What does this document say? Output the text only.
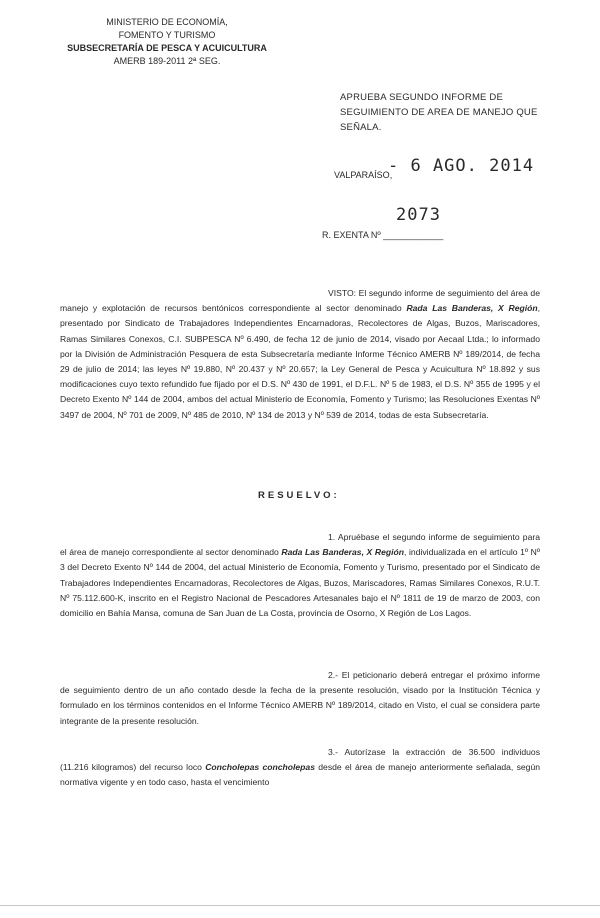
MINISTERIO DE ECONOMÍA,
FOMENTO Y TURISMO
SUBSECRETARÍA DE PESCA Y ACUICULTURA
AMERB 189-2011 2ª SEG.
APRUEBA SEGUNDO INFORME DE SEGUIMIENTO DE AREA DE MANEJO QUE SEÑALA.
- 6 AGO. 2014
VALPARAÍSO,
2073
R. EXENTA Nº ____________
VISTO: El segundo informe de seguimiento del área de manejo y explotación de recursos bentónicos correspondiente al sector denominado Rada Las Banderas, X Región, presentado por Sindicato de Trabajadores Independientes Encarnadoras, Recolectores de Algas, Buzos, Mariscadores, Ramas Similares Conexos, C.I. SUBPESCA Nº 6.490, de fecha 12 de junio de 2014, visado por Aecaal Ltda.; lo informado por la División de Administración Pesquera de esta Subsecretaría mediante Informe Técnico AMERB Nº 189/2014, de fecha 29 de julio de 2014; las leyes Nº 19.880, Nº 20.437 y Nº 20.657; la Ley General de Pesca y Acuicultura Nº 18.892 y sus modificaciones cuyo texto refundido fue fijado por el D.S. Nº 430 de 1991, el D.F.L. Nº 5 de 1983, el D.S. Nº 355 de 1995 y el Decreto Exento Nº 144 de 2004, ambos del actual Ministerio de Economía, Fomento y Turismo; las Resoluciones Exentas Nº 3497 de 2004, Nº 701 de 2009, Nº 485 de 2010, Nº 134 de 2013 y Nº 539 de 2014, todas de esta Subsecretaría.
RESUELVO:
1. Apruébase el segundo informe de seguimiento para el área de manejo correspondiente al sector denominado Rada Las Banderas, X Región, individualizada en el artículo 1º Nº 3 del Decreto Exento Nº 144 de 2004, del actual Ministerio de Economía, Fomento y Turismo, presentado por el Sindicato de Trabajadores Independientes Encarnadoras, Recolectores de Algas, Buzos, Mariscadores, Ramas Similares Conexos, R.U.T. Nº 75.112.600-K, inscrito en el Registro Nacional de Pescadores Artesanales bajo el Nº 1811 de 19 de marzo de 2003, con domicilio en Bahía Mansa, comuna de San Juan de La Costa, provincia de Osorno, X Región de Los Lagos.
2.- El peticionario deberá entregar el próximo informe de seguimiento dentro de un año contado desde la fecha de la presente resolución, visado por la Institución Técnica y formulado en los términos contenidos en el Informe Técnico AMERB Nº 189/2014, citado en Visto, el cual se considera parte integrante de la presente resolución.
3.- Autorízase la extracción de 36.500 individuos (11.216 kilogramos) del recurso loco Concholepas concholepas desde el área de manejo anteriormente señalada, según normativa vigente y en todo caso, hasta el vencimiento
